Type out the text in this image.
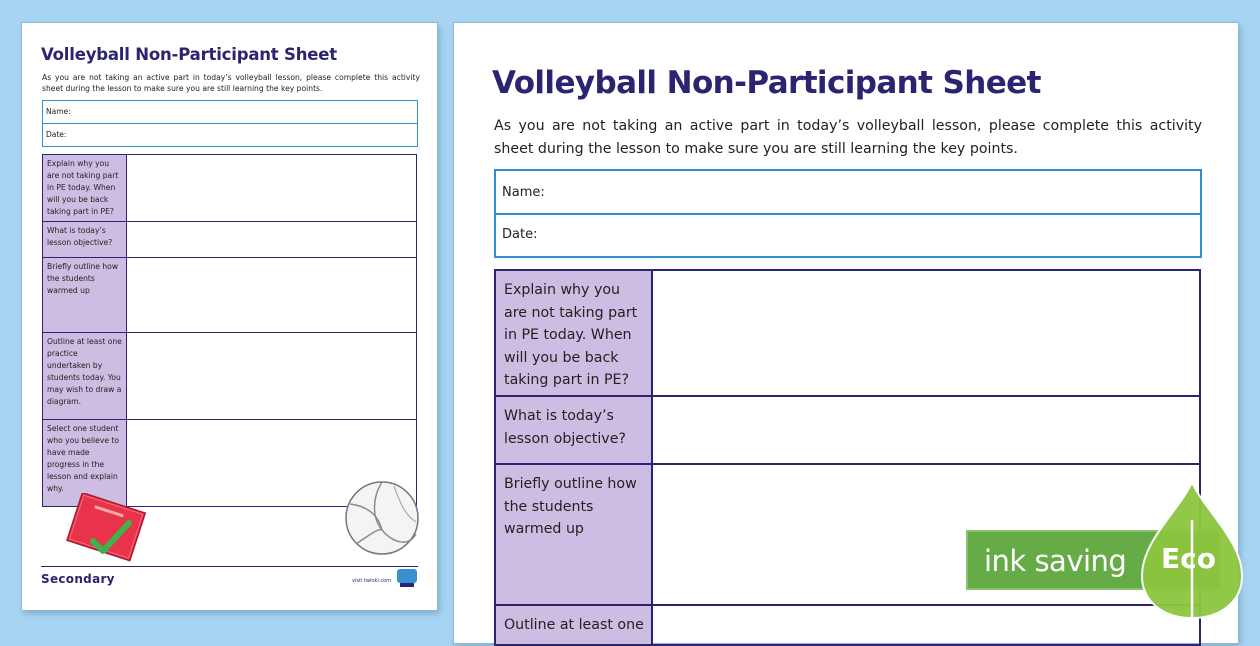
Volleyball Non-Participant Sheet
As you are not taking an active part in today’s volleyball lesson, please complete this activity sheet during the lesson to make sure you are still learning the key points.
Name:
Date:
Explain why you are not taking part in PE today. When will you be back taking part in PE?	
What is today’s lesson objective?	
Briefly outline how the students warmed up	
Outline at least one practice undertaken by students today. You may wish to draw a diagram.	
Select one student who you believe to have made progress in the lesson and explain why.	
Secondary	visit twinkl.com
Volleyball Non-Participant Sheet
As you are not taking an active part in today’s volleyball lesson, please complete this activity sheet during the lesson to make sure you are still learning the key points.
Name:
Date:
Explain why you are not taking part in PE today. When will you be back taking part in PE?	
What is today’s lesson objective?	
Briefly outline how the students warmed up	
Outline at least one	
ink saving Eco
